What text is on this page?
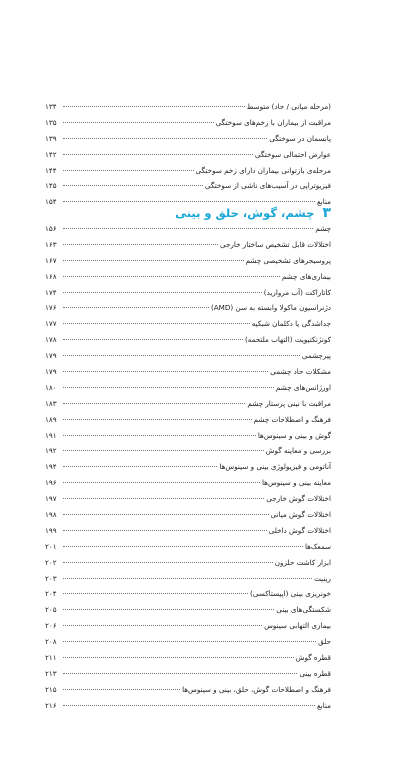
(مرحله میانی / حاد) متوسط
۱۳۴
مراقبت از بیماران با زخم‌های سوختگی
۱۳۵
پانسمان در سوختگی
۱۳۹
عوارض احتمالی سوختگی
۱۴۲
مرحله‌ی بازتوانی بیماران دارای زخم سوختگی
۱۴۴
فیزیوتراپی در آسیب‌های ناشی از سوختگی
۱۴۵
منابع
۱۵۴
۳ چشم، گوش، حلق و بینی
چشم
۱۵۶
اختلالات قابل تشخیص ساختار خارجی
۱۶۳
پروسیجرهای تشخیصی چشم
۱۶۷
بیماری‌های چشم
۱۶۸
کاتاراکت (آب مروارید)
۱۷۴
دژنراسیون ماکولا وابسته به سن (AMD)
۱۷۶
جداشدگی یا دکلمان شبکیه
۱۷۷
کونژنکتیویت (التهاب ملتحمه)
۱۷۸
پیرچشمی
۱۷۹
مشکلات حاد چشمی
۱۷۹
اورژانس‌های چشم
۱۸۰
مراقبت با نینی پرستار چشم
۱۸۳
فرهنگ و اصطلاحات چشم
۱۸۹
گوش و بینی و سینوس‌ها
۱۹۱
بررسی و معاینه گوش
۱۹۲
آناتومی و فیزیولوژی بینی و سینوس‌ها
۱۹۴
معاینه بینی و سینوس‌ها
۱۹۶
اختلالات گوش خارجی
۱۹۷
اختلالات گوش میانی
۱۹۸
اختلالات گوش داخلی
۱۹۹
سمعک‌ها
۲۰۱
ابزار کاشت حلزون
۲۰۲
رینیت
۲۰۳
خونریزی بینی (اپیستاکسی)
۲۰۴
شکستگی‌های بینی
۲۰۵
بیماری التهابی سینوس
۲۰۶
حلق
۲۰۸
قطره گوش
۲۱۱
قطره بینی
۲۱۳
فرهنگ و اصطلاحات گوش، حلق، بینی و سینوس‌ها
۲۱۵
منابع
۲۱۶
